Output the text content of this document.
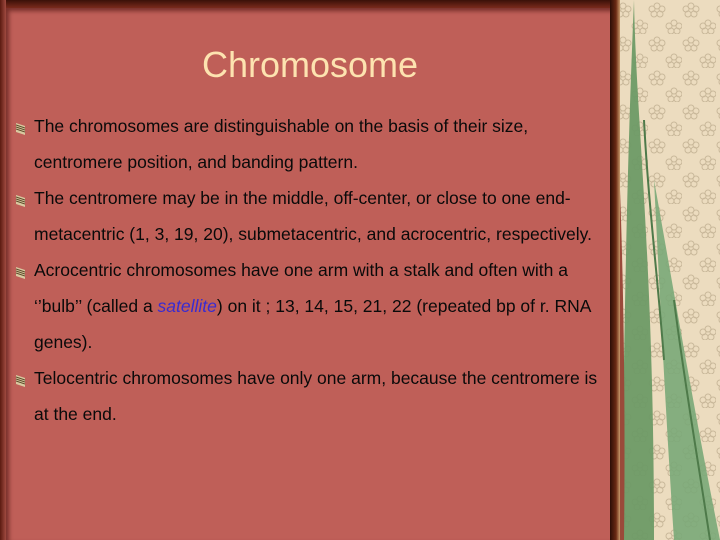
Chromosome
The chromosomes are distinguishable on the basis of their size, centromere position, and banding pattern.
The centromere may be in the middle, off-center, or close to one end- metacentric (1, 3, 19, 20), submetacentric, and acrocentric, respectively.
Acrocentric chromosomes have one arm with a stalk and often with a ‘’bulb’’ (called a satellite) on it ; 13, 14, 15, 21, 22 (repeated bp of r. RNA genes).
Telocentric chromosomes have only one arm, because the centromere is at the end.
